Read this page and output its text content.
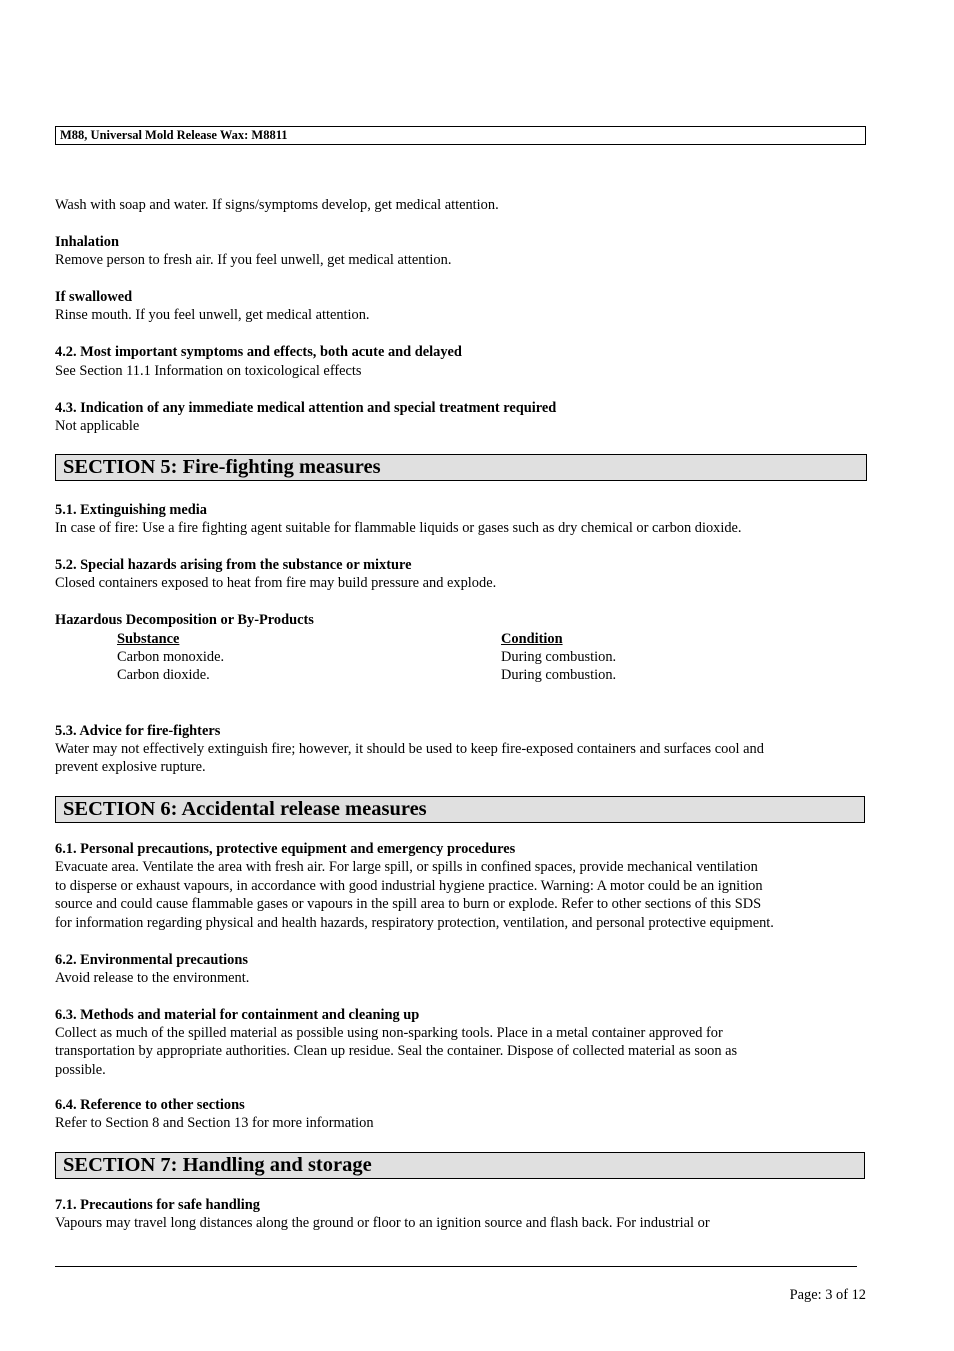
M88, Universal Mold Release Wax: M8811
Wash with soap and water. If signs/symptoms develop, get medical attention.
Inhalation
Remove person to fresh air. If you feel unwell, get medical attention.
If swallowed
Rinse mouth. If you feel unwell, get medical attention.
4.2. Most important symptoms and effects, both acute and delayed
See Section 11.1 Information on toxicological effects
4.3. Indication of any immediate medical attention and special treatment required
Not applicable
SECTION 5: Fire-fighting measures
5.1. Extinguishing media
In case of fire: Use a fire fighting agent suitable for flammable liquids or gases such as dry chemical or carbon dioxide.
5.2. Special hazards arising from the substance or mixture
Closed containers exposed to heat from fire may build pressure and explode.
Hazardous Decomposition or By-Products
Substance	Condition
Carbon monoxide.	During combustion.
Carbon dioxide.	During combustion.
5.3. Advice for fire-fighters
Water may not effectively extinguish fire; however, it should be used to keep fire-exposed containers and surfaces cool and
prevent explosive rupture.
SECTION 6: Accidental release measures
6.1. Personal precautions, protective equipment and emergency procedures
Evacuate area. Ventilate the area with fresh air. For large spill, or spills in confined spaces, provide mechanical ventilation
to disperse or exhaust vapours, in accordance with good industrial hygiene practice. Warning: A motor could be an ignition
source and could cause flammable gases or vapours in the spill area to burn or explode. Refer to other sections of this SDS
for information regarding physical and health hazards, respiratory protection, ventilation, and personal protective equipment.
6.2. Environmental precautions
Avoid release to the environment.
6.3. Methods and material for containment and cleaning up
Collect as much of the spilled material as possible using non-sparking tools. Place in a metal container approved for
transportation by appropriate authorities. Clean up residue. Seal the container. Dispose of collected material as soon as
possible.
6.4. Reference to other sections
Refer to Section 8 and Section 13 for more information
SECTION 7: Handling and storage
7.1. Precautions for safe handling
Vapours may travel long distances along the ground or floor to an ignition source and flash back. For industrial or
Page: 3 of 12
